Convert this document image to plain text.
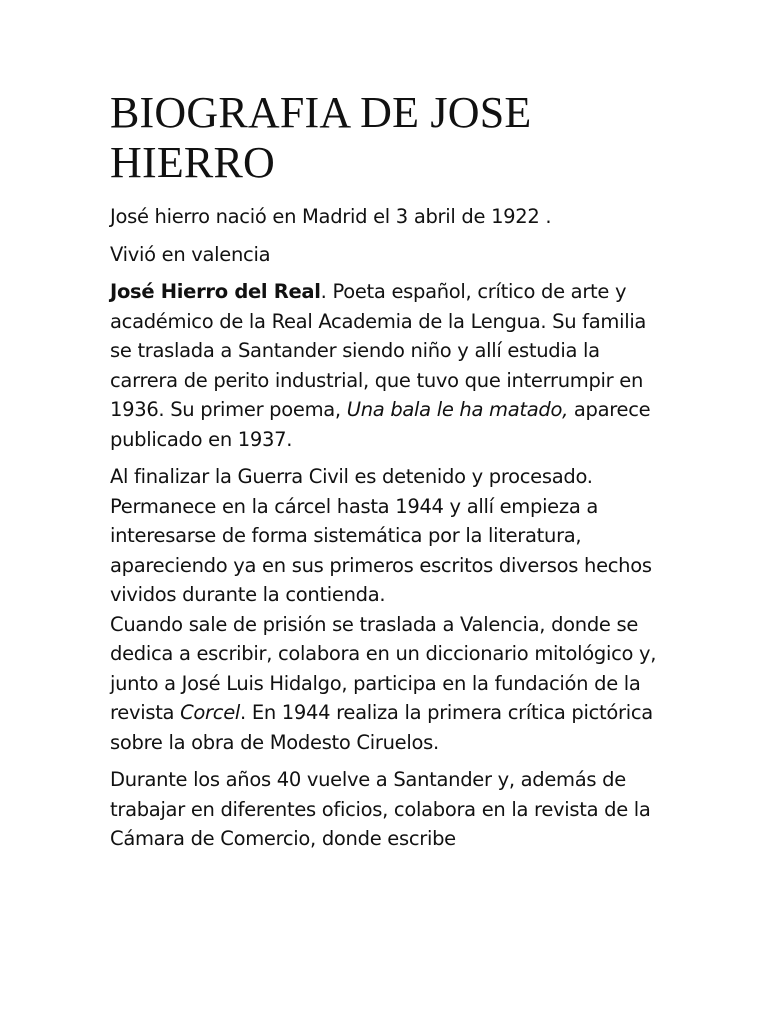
BIOGRAFIA DE JOSE HIERRO

José hierro nació en Madrid el 3 abril de 1922 .

Vivió en valencia

José Hierro del Real. Poeta español, crítico de arte y académico de la Real Academia de la Lengua. Su familia se traslada a Santander siendo niño y allí estudia la carrera de perito industrial, que tuvo que interrumpir en 1936. Su primer poema, Una bala le ha matado, aparece publicado en 1937.

Al finalizar la Guerra Civil es detenido y procesado. Permanece en la cárcel hasta 1944 y allí empieza a interesarse de forma sistemática por la literatura, apareciendo ya en sus primeros escritos diversos hechos vividos durante la contienda.

Cuando sale de prisión se traslada a Valencia, donde se dedica a escribir, colabora en un diccionario mitológico y, junto a José Luis Hidalgo, participa en la fundación de la revista Corcel. En 1944 realiza la primera crítica pictórica sobre la obra de Modesto Ciruelos.

Durante los años 40 vuelve a Santander y, además de trabajar en diferentes oficios, colabora en la revista de la Cámara de Comercio, donde escribe
